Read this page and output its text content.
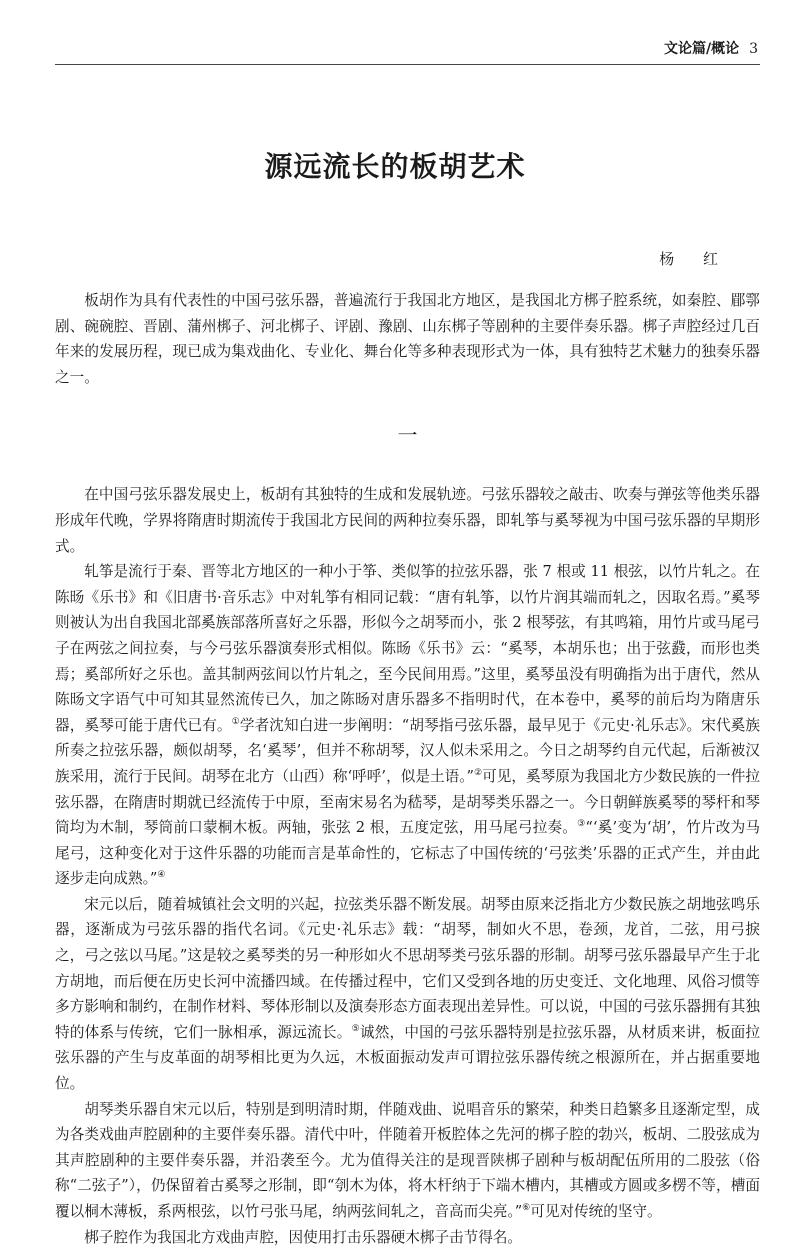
文论篇/概论 3
源远流长的板胡艺术
杨 红

板胡作为具有代表性的中国弓弦乐器，普遍流行于我国北方地区，是我国北方梆子腔系统，如秦腔、郿鄠剧、碗碗腔、晋剧、蒲州梆子、河北梆子、评剧、豫剧、山东梆子等剧种的主要伴奏乐器。梆子声腔经过几百年来的发展历程，现已成为集戏曲化、专业化、舞台化等多种表现形式为一体，具有独特艺术魅力的独奏乐器之一。

一

在中国弓弦乐器发展史上，板胡有其独特的生成和发展轨迹。弓弦乐器较之敲击、吹奏与弹弦等他类乐器形成年代晚，学界将隋唐时期流传于我国北方民间的两种拉奏乐器，即轧筝与奚琴视为中国弓弦乐器的早期形式。

轧筝是流行于秦、晋等北方地区的一种小于筝、类似筝的拉弦乐器，张 7 根或 11 根弦，以竹片轧之。在陈旸《乐书》和《旧唐书·音乐志》中对轧筝有相同记载：“唐有轧筝，以竹片润其端而轧之，因取名焉。”奚琴则被认为出自我国北部奚族部落所喜好之乐器，形似今之胡琴而小，张 2 根琴弦，有其鸣箱，用竹片或马尾弓子在两弦之间拉奏，与今弓弦乐器演奏形式相似。陈旸《乐书》云：“奚琴，本胡乐也；出于弦鼗，而形也类焉；奚部所好之乐也。盖其制两弦间以竹片轧之，至今民间用焉。”这里，奚琴虽没有明确指为出于唐代，然从陈旸文字语气中可知其显然流传已久，加之陈旸对唐乐器多不指明时代，在本卷中，奚琴的前后均为隋唐乐器，奚琴可能于唐代已有。①学者沈知白进一步阐明：“胡琴指弓弦乐器，最早见于《元史·礼乐志》。宋代奚族所奏之拉弦乐器，颇似胡琴，名‘奚琴’，但并不称胡琴，汉人似未采用之。今日之胡琴约自元代起，后渐被汉族采用，流行于民间。胡琴在北方（山西）称‘呼呼’，似是土语。”②可见，奚琴原为我国北方少数民族的一件拉弦乐器，在隋唐时期就已经流传于中原，至南宋易名为嵇琴，是胡琴类乐器之一。今日朝鲜族奚琴的琴杆和琴筒均为木制，琴筒前口蒙桐木板。两轴，张弦 2 根，五度定弦，用马尾弓拉奏。③“‘奚’变为‘胡’，竹片改为马尾弓，这种变化对于这件乐器的功能而言是革命性的，它标志了中国传统的‘弓弦类’乐器的正式产生，并由此逐步走向成熟。”④

宋元以后，随着城镇社会文明的兴起，拉弦类乐器不断发展。胡琴由原来泛指北方少数民族之胡地弦鸣乐器，逐渐成为弓弦乐器的指代名词。《元史·礼乐志》载：“胡琴，制如火不思，卷颈，龙首，二弦，用弓捩之，弓之弦以马尾。”这是较之奚琴类的另一种形如火不思胡琴类弓弦乐器的形制。胡琴弓弦乐器最早产生于北方胡地，而后便在历史长河中流播四域。在传播过程中，它们又受到各地的历史变迁、文化地理、风俗习惯等多方影响和制约，在制作材料、琴体形制以及演奏形态方面表现出差异性。可以说，中国的弓弦乐器拥有其独特的体系与传统，它们一脉相承，源远流长。⑤诚然，中国的弓弦乐器特别是拉弦乐器，从材质来讲，板面拉弦乐器的产生与皮革面的胡琴相比更为久远，木板面振动发声可谓拉弦乐器传统之根源所在，并占据重要地位。

胡琴类乐器自宋元以后，特别是到明清时期，伴随戏曲、说唱音乐的繁荣，种类日趋繁多且逐渐定型，成为各类戏曲声腔剧种的主要伴奏乐器。清代中叶，伴随着开板腔体之先河的梆子腔的勃兴，板胡、二股弦成为其声腔剧种的主要伴奏乐器，并沿袭至今。尤为值得关注的是现晋陕梆子剧种与板胡配伍所用的二股弦（俗称“二弦子”），仍保留着古奚琴之形制，即“刳木为体，将木杆纳于下端木槽内，其槽或方圆或多楞不等，槽面覆以桐木薄板，系两根弦，以竹弓张马尾，纳两弦间轧之，音高而尖亮。”⑥可见对传统的坚守。

梆子腔作为我国北方戏曲声腔，因使用打击乐器硬木梆子击节得名。
